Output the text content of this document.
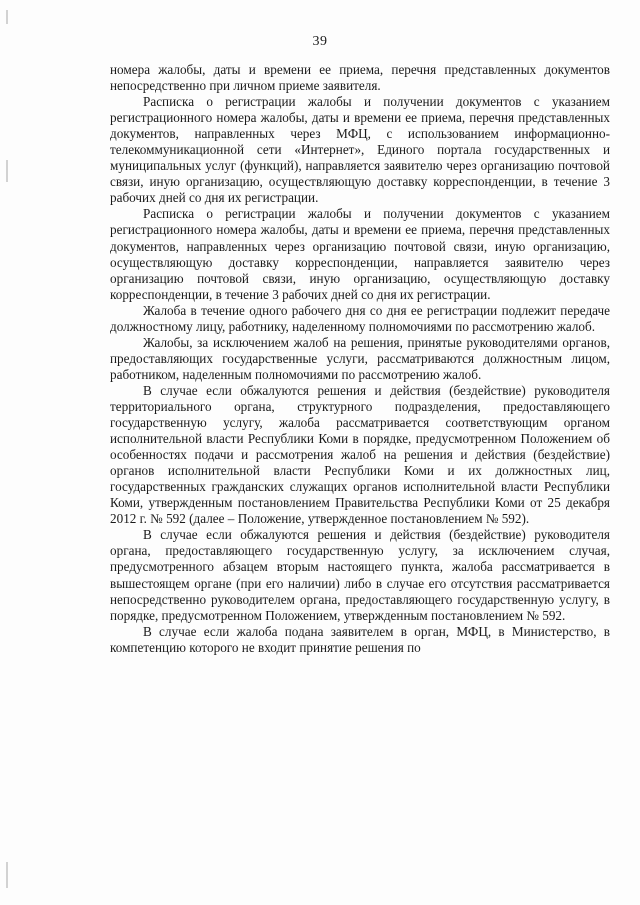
39

номера жалобы, даты и времени ее приема, перечня представленных документов непосредственно при личном приеме заявителя.

Расписка о регистрации жалобы и получении документов с указанием регистрационного номера жалобы, даты и времени ее приема, перечня представленных документов, направленных через МФЦ, с использованием информационно-телекоммуникационной сети «Интернет», Единого портала государственных и муниципальных услуг (функций), направляется заявителю через организацию почтовой связи, иную организацию, осуществляющую доставку корреспонденции, в течение 3 рабочих дней со дня их регистрации.

Расписка о регистрации жалобы и получении документов с указанием регистрационного номера жалобы, даты и времени ее приема, перечня представленных документов, направленных через организацию почтовой связи, иную организацию, осуществляющую доставку корреспонденции, направляется заявителю через организацию почтовой связи, иную организацию, осуществляющую доставку корреспонденции, в течение 3 рабочих дней со дня их регистрации.

Жалоба в течение одного рабочего дня со дня ее регистрации подлежит передаче должностному лицу, работнику, наделенному полномочиями по рассмотрению жалоб.

Жалобы, за исключением жалоб на решения, принятые руководителями органов, предоставляющих государственные услуги, рассматриваются должностным лицом, работником, наделенным полномочиями по рассмотрению жалоб.

В случае если обжалуются решения и действия (бездействие) руководителя территориального органа, структурного подразделения, предоставляющего государственную услугу, жалоба рассматривается соответствующим органом исполнительной власти Республики Коми в порядке, предусмотренном Положением об особенностях подачи и рассмотрения жалоб на решения и действия (бездействие) органов исполнительной власти Республики Коми и их должностных лиц, государственных гражданских служащих органов исполнительной власти Республики Коми, утвержденным постановлением Правительства Республики Коми от 25 декабря 2012 г. № 592 (далее – Положение, утвержденное постановлением № 592).

В случае если обжалуются решения и действия (бездействие) руководителя органа, предоставляющего государственную услугу, за исключением случая, предусмотренного абзацем вторым настоящего пункта, жалоба рассматривается в вышестоящем органе (при его наличии) либо в случае его отсутствия рассматривается непосредственно руководителем органа, предоставляющего государственную услугу, в порядке, предусмотренном Положением, утвержденным постановлением № 592.

В случае если жалоба подана заявителем в орган, МФЦ, в Министерство, в компетенцию которого не входит принятие решения по
